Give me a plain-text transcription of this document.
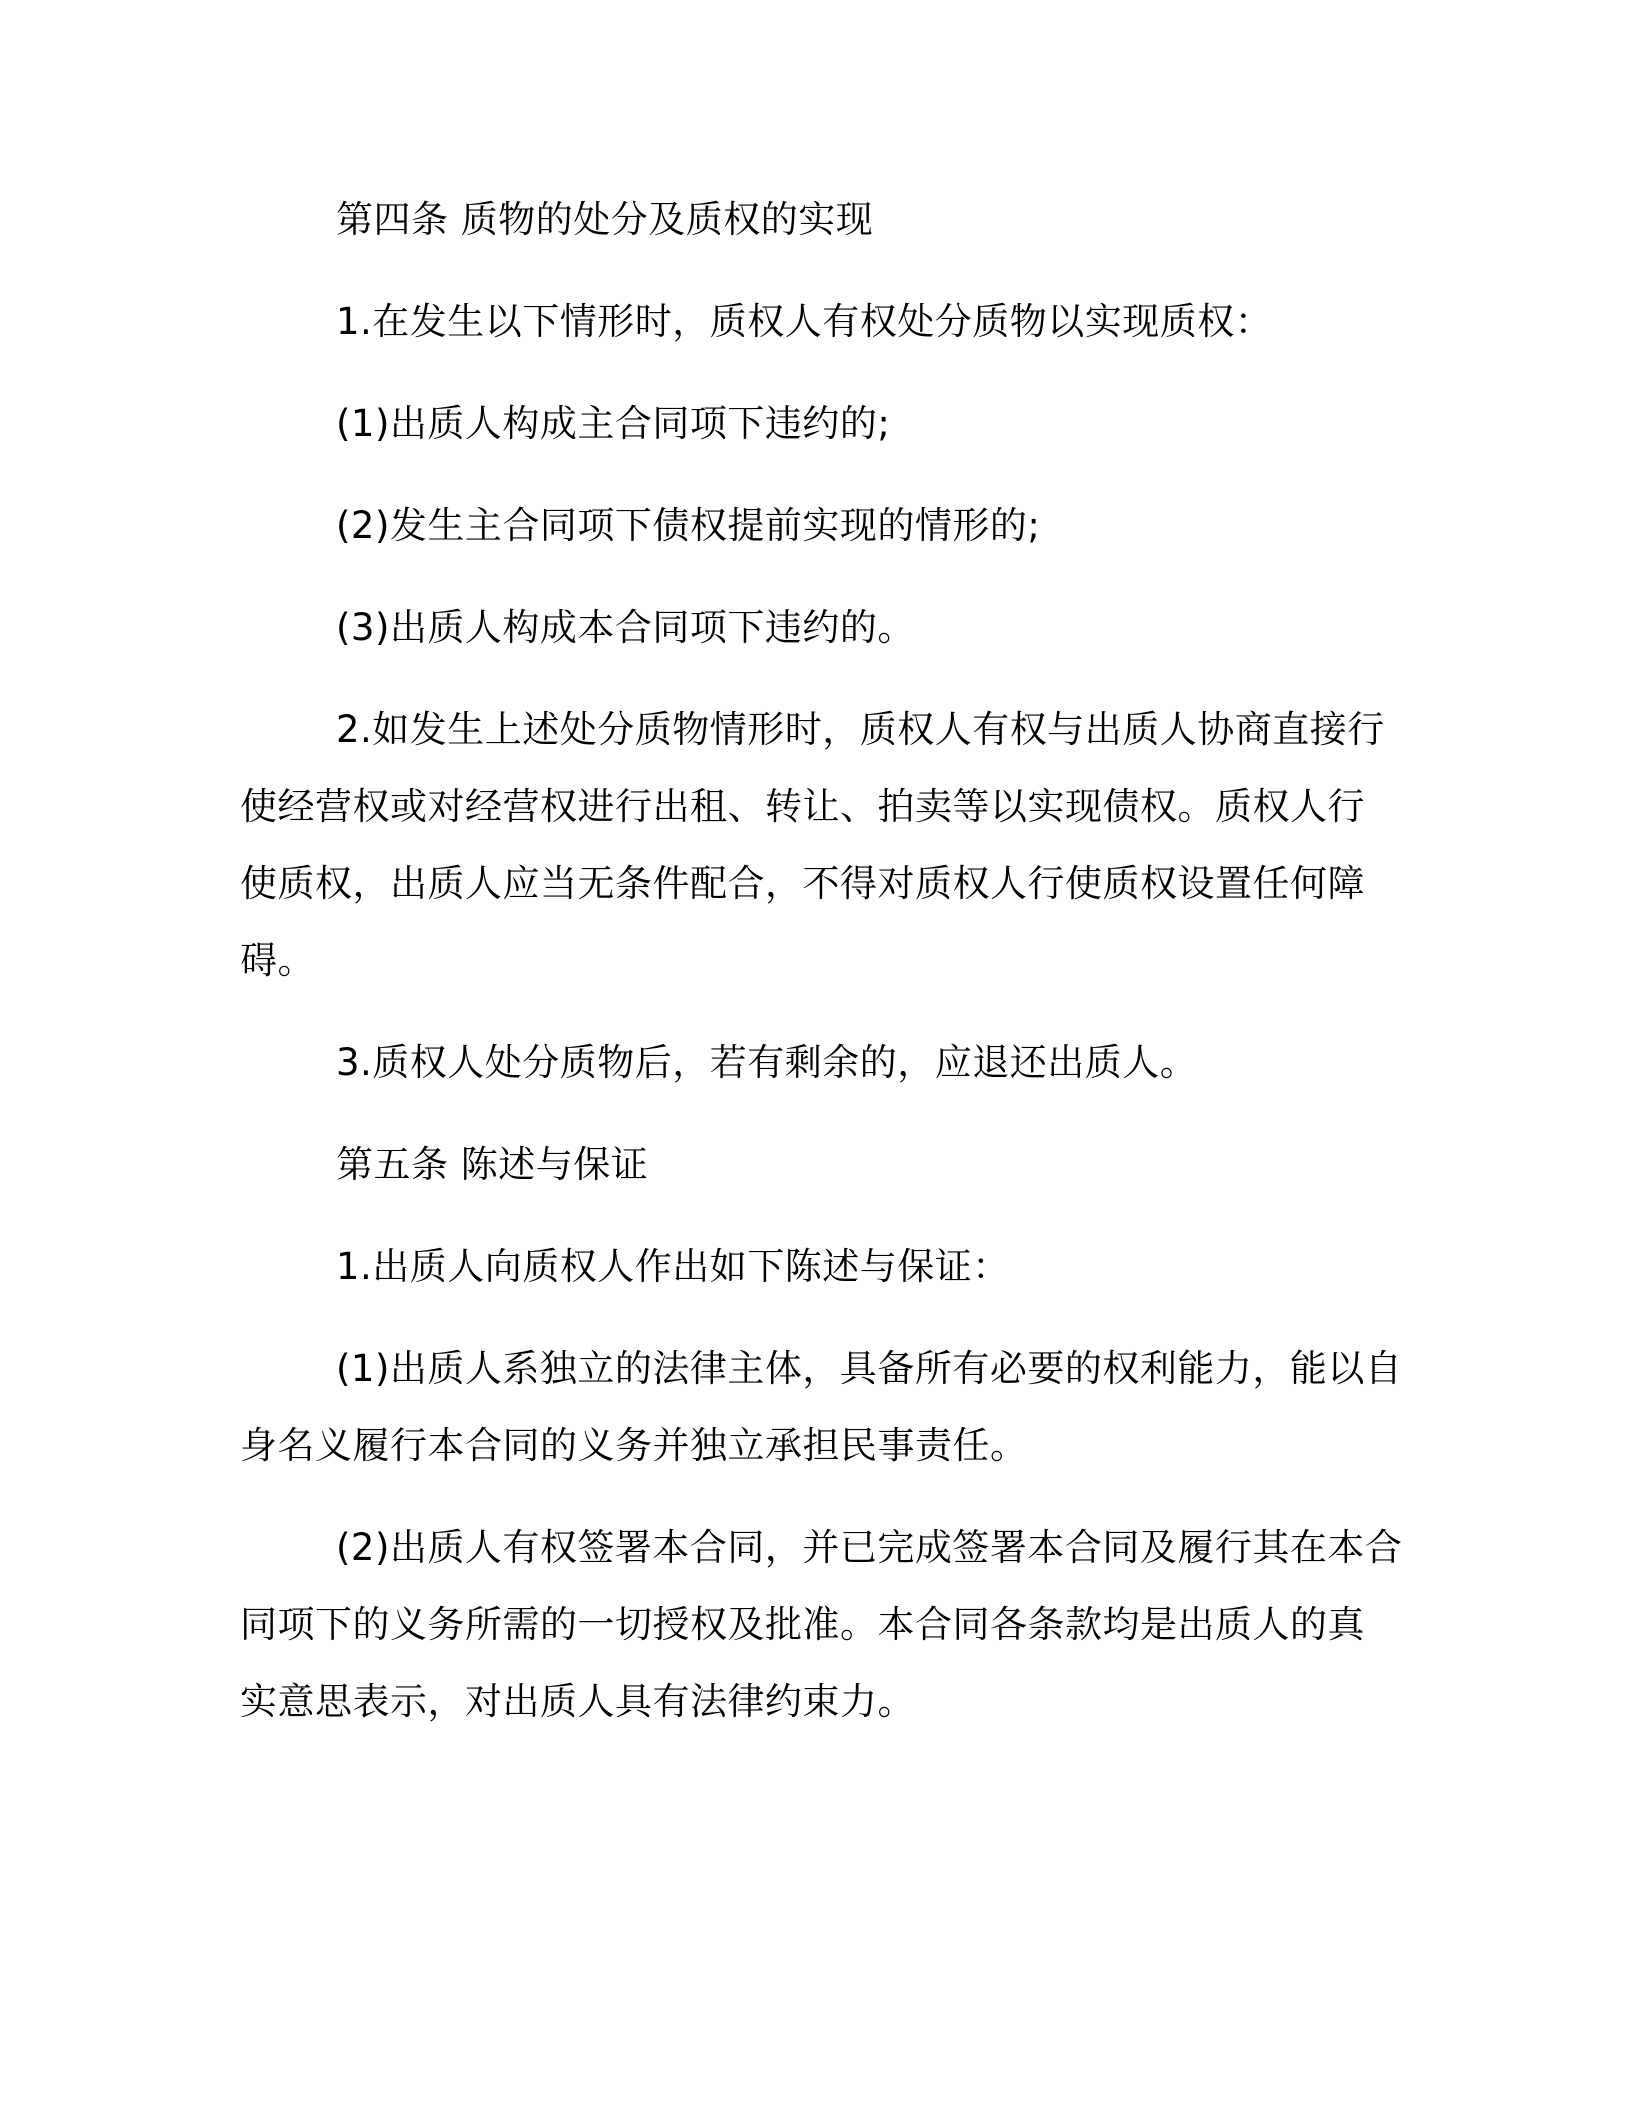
第四条 质物的处分及质权的实现
1.在发生以下情形时，质权人有权处分质物以实现质权：
(1)出质人构成主合同项下违约的;
(2)发生主合同项下债权提前实现的情形的;
(3)出质人构成本合同项下违约的。
2.如发生上述处分质物情形时，质权人有权与出质人协商直接行
使经营权或对经营权进行出租、转让、拍卖等以实现债权。质权人行
使质权，出质人应当无条件配合，不得对质权人行使质权设置任何障
碍。
3.质权人处分质物后，若有剩余的，应退还出质人。
第五条 陈述与保证
1.出质人向质权人作出如下陈述与保证：
(1)出质人系独立的法律主体，具备所有必要的权利能力，能以自
身名义履行本合同的义务并独立承担民事责任。
(2)出质人有权签署本合同，并已完成签署本合同及履行其在本合
同项下的义务所需的一切授权及批准。本合同各条款均是出质人的真
实意思表示，对出质人具有法律约束力。
